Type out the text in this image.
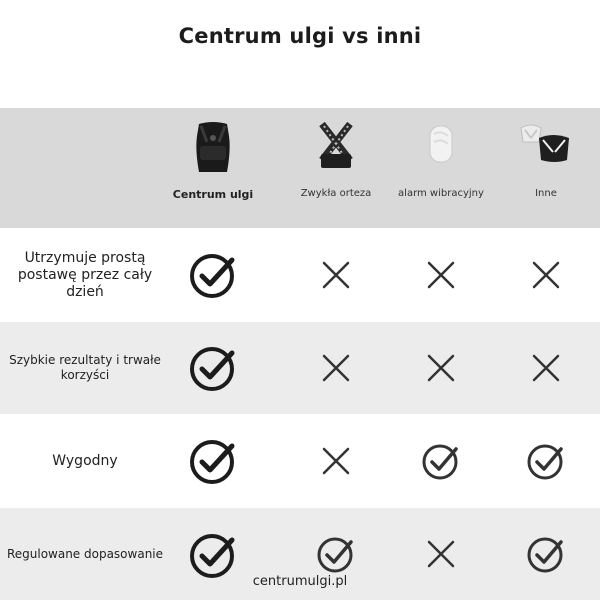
Centrum ulgi vs inni
Centrum ulgi	Zwykła orteza	alarm wibracyjny	Inne
Utrzymuje prostą postawę przez cały dzień
Szybkie rezultaty i trwałe korzyści
Wygodny
Regulowane dopasowanie
centrumulgi.pl
